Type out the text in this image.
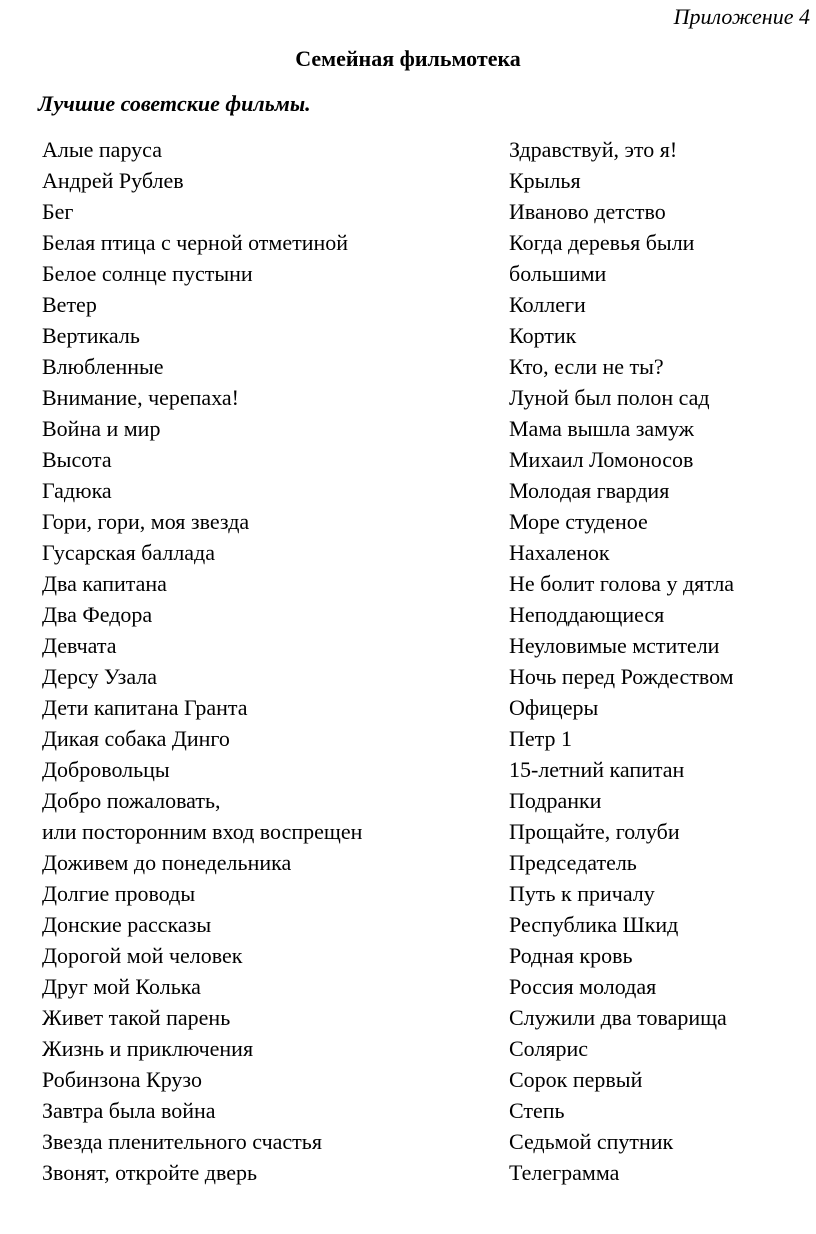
Приложение 4
Семейная фильмотека
Лучшие советские фильмы.
Алые паруса
Андрей Рублев
Бег
Белая птица с черной отметиной
Белое солнце пустыни
Ветер
Вертикаль
Влюбленные
Внимание, черепаха!
Война и мир
Высота
Гадюка
Гори, гори, моя звезда
Гусарская баллада
Два капитана
Два Федора
Девчата
Дерсу Узала
Дети капитана Гранта
Дикая собака Динго
Добровольцы
Добро пожаловать,
или посторонним вход воспрещен
Доживем до понедельника
Долгие проводы
Донские рассказы
Дорогой мой человек
Друг мой Колька
Живет такой парень
Жизнь и приключения
Робинзона Крузо
Завтра была война
Звезда пленительного счастья
Звонят, откройте дверь
Здравствуй, это я!
Крылья
Иваново детство
Когда деревья были
большими
Коллеги
Кортик
Кто, если не ты?
Луной был полон сад
Мама вышла замуж
Михаил Ломоносов
Молодая гвардия
Море студеное
Нахаленок
Не болит голова у дятла
Неподдающиеся
Неуловимые мстители
Ночь перед Рождеством
Офицеры
Петр 1
15-летний капитан
Подранки
Прощайте, голуби
Председатель
Путь к причалу
Республика Шкид
Родная кровь
Россия молодая
Служили два товарища
Солярис
Сорок первый
Степь
Седьмой спутник
Телеграмма
